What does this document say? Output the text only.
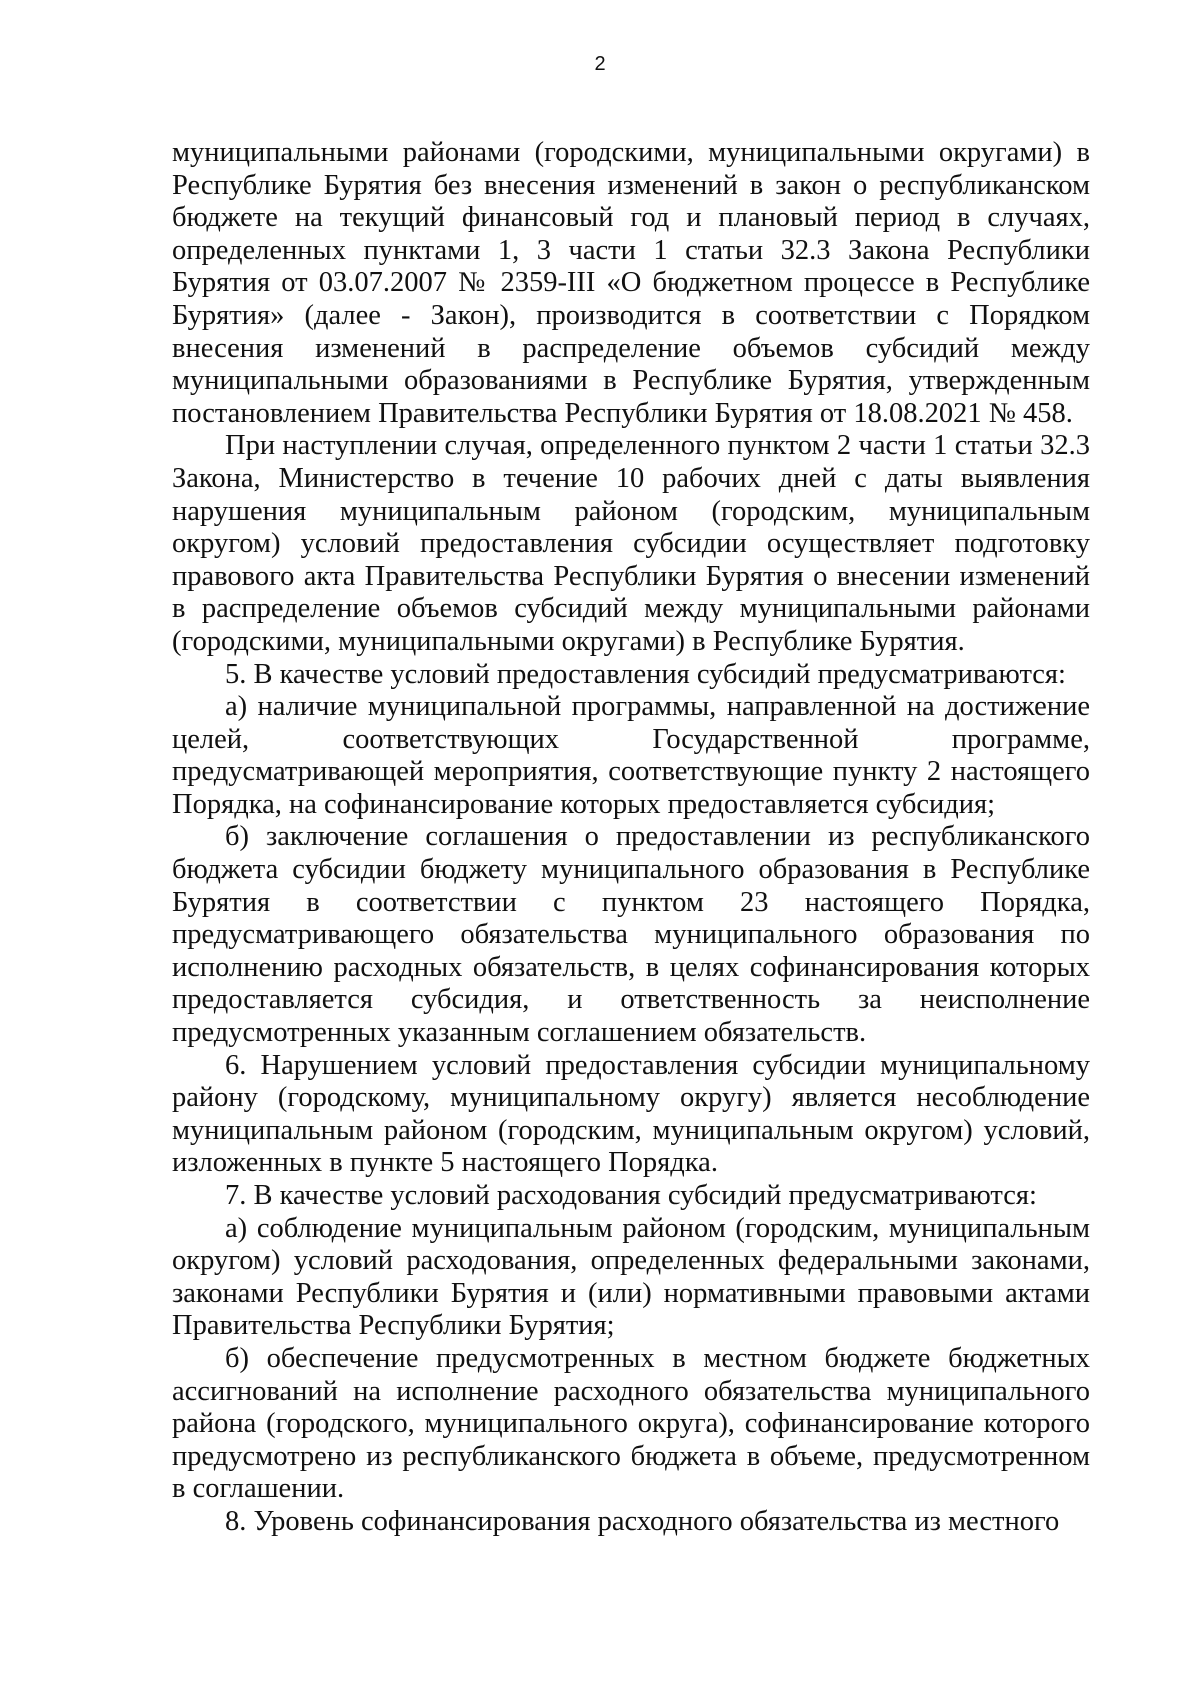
2

муниципальными районами (городскими, муниципальными округами) в Республике Бурятия без внесения изменений в закон о республиканском бюджете на текущий финансовый год и плановый период в случаях, определенных пунктами 1, 3 части 1 статьи 32.3 Закона Республики Бурятия от 03.07.2007 № 2359-III «О бюджетном процессе в Республике Бурятия» (далее - Закон), производится в соответствии с Порядком внесения изменений в распределение объемов субсидий между муниципальными образованиями в Республике Бурятия, утвержденным постановлением Правительства Республики Бурятия от 18.08.2021 № 458.

При наступлении случая, определенного пунктом 2 части 1 статьи 32.3 Закона, Министерство в течение 10 рабочих дней с даты выявления нарушения муниципальным районом (городским, муниципальным округом) условий предоставления субсидии осуществляет подготовку правового акта Правительства Республики Бурятия о внесении изменений в распределение объемов субсидий между муниципальными районами (городскими, муниципальными округами) в Республике Бурятия.

5. В качестве условий предоставления субсидий предусматриваются:

а) наличие муниципальной программы, направленной на достижение целей, соответствующих Государственной программе, предусматривающей мероприятия, соответствующие пункту 2 настоящего Порядка, на софинансирование которых предоставляется субсидия;

б) заключение соглашения о предоставлении из республиканского бюджета субсидии бюджету муниципального образования в Республике Бурятия в соответствии с пунктом 23 настоящего Порядка, предусматривающего обязательства муниципального образования по исполнению расходных обязательств, в целях софинансирования которых предоставляется субсидия, и ответственность за неисполнение предусмотренных указанным соглашением обязательств.

6. Нарушением условий предоставления субсидии муниципальному району (городскому, муниципальному округу) является несоблюдение муниципальным районом (городским, муниципальным округом) условий, изложенных в пункте 5 настоящего Порядка.

7. В качестве условий расходования субсидий предусматриваются:

а) соблюдение муниципальным районом (городским, муниципальным округом) условий расходования, определенных федеральными законами, законами Республики Бурятия и (или) нормативными правовыми актами Правительства Республики Бурятия;

б) обеспечение предусмотренных в местном бюджете бюджетных ассигнований на исполнение расходного обязательства муниципального района (городского, муниципального округа), софинансирование которого предусмотрено из республиканского бюджета в объеме, предусмотренном в соглашении.

8. Уровень софинансирования расходного обязательства из местного
